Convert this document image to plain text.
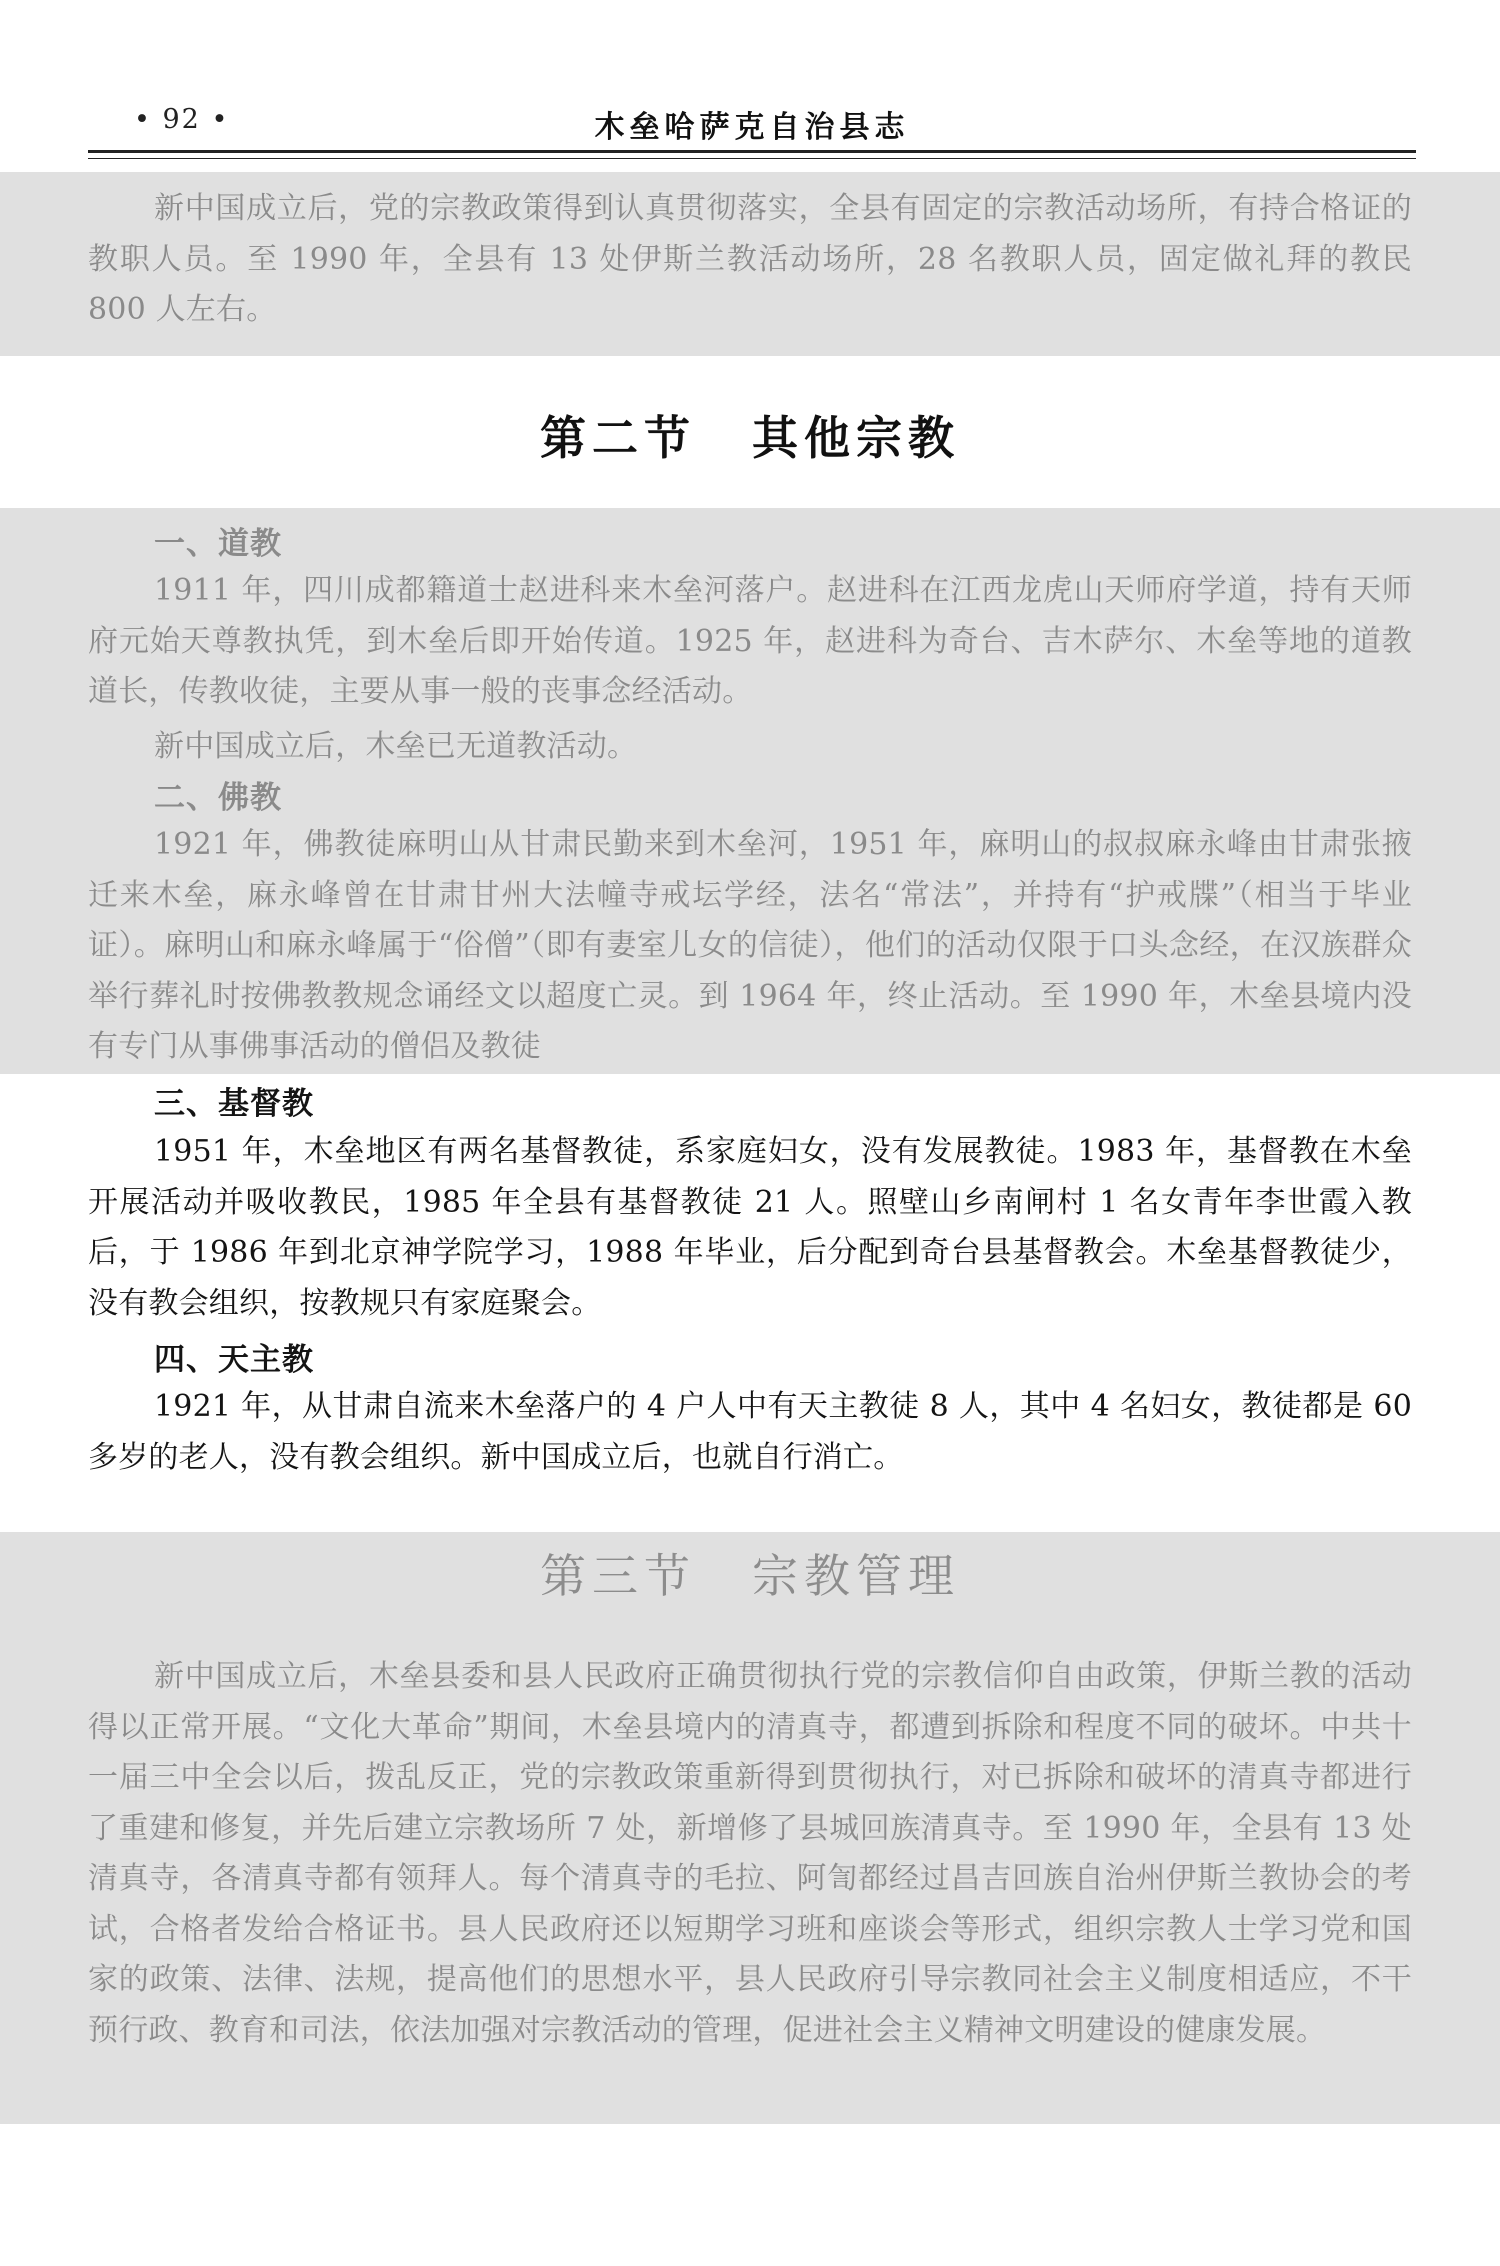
• 92 •	木垒哈萨克自治县志

新中国成立后，党的宗教政策得到认真贯彻落实，全县有固定的宗教活动场所，有持合格证的教职人员。至 1990 年，全县有 13 处伊斯兰教活动场所，28 名教职人员，固定做礼拜的教民 800 人左右。

第二节 其他宗教
一、道教

1911 年，四川成都籍道士赵进科来木垒河落户。赵进科在江西龙虎山天师府学道，持有天师府元始天尊教执凭，到木垒后即开始传道。1925 年，赵进科为奇台、吉木萨尔、木垒等地的道教道长，传教收徒，主要从事一般的丧事念经活动。

新中国成立后，木垒已无道教活动。

二、佛教

1921 年，佛教徒麻明山从甘肃民勤来到木垒河，1951 年，麻明山的叔叔麻永峰由甘肃张掖迁来木垒，麻永峰曾在甘肃甘州大法幢寺戒坛学经，法名“常法”，并持有“护戒牒”（相当于毕业证）。麻明山和麻永峰属于“俗僧”（即有妻室儿女的信徒），他们的活动仅限于口头念经，在汉族群众举行葬礼时按佛教教规念诵经文以超度亡灵。到 1964 年，终止活动。至 1990 年，木垒县境内没有专门从事佛事活动的僧侣及教徒

三、基督教

1951 年，木垒地区有两名基督教徒，系家庭妇女，没有发展教徒。1983 年，基督教在木垒开展活动并吸收教民，1985 年全县有基督教徒 21 人。照壁山乡南闸村 1 名女青年李世霞入教后，于 1986 年到北京神学院学习，1988 年毕业，后分配到奇台县基督教会。木垒基督教徒少，没有教会组织，按教规只有家庭聚会。

四、天主教

1921 年，从甘肃自流来木垒落户的 4 户人中有天主教徒 8 人，其中 4 名妇女，教徒都是 60 多岁的老人，没有教会组织。新中国成立后，也就自行消亡。

第三节 宗教管理

新中国成立后，木垒县委和县人民政府正确贯彻执行党的宗教信仰自由政策，伊斯兰教的活动得以正常开展。“文化大革命”期间，木垒县境内的清真寺，都遭到拆除和程度不同的破坏。中共十一届三中全会以后，拨乱反正，党的宗教政策重新得到贯彻执行，对已拆除和破坏的清真寺都进行了重建和修复，并先后建立宗教场所 7 处，新增修了县城回族清真寺。至 1990 年，全县有 13 处清真寺，各清真寺都有领拜人。每个清真寺的毛拉、阿訇都经过昌吉回族自治州伊斯兰教协会的考试，合格者发给合格证书。县人民政府还以短期学习班和座谈会等形式，组织宗教人士学习党和国家的政策、法律、法规，提高他们的思想水平，县人民政府引导宗教同社会主义制度相适应，不干预行政、教育和司法，依法加强对宗教活动的管理，促进社会主义精神文明建设的健康发展。
